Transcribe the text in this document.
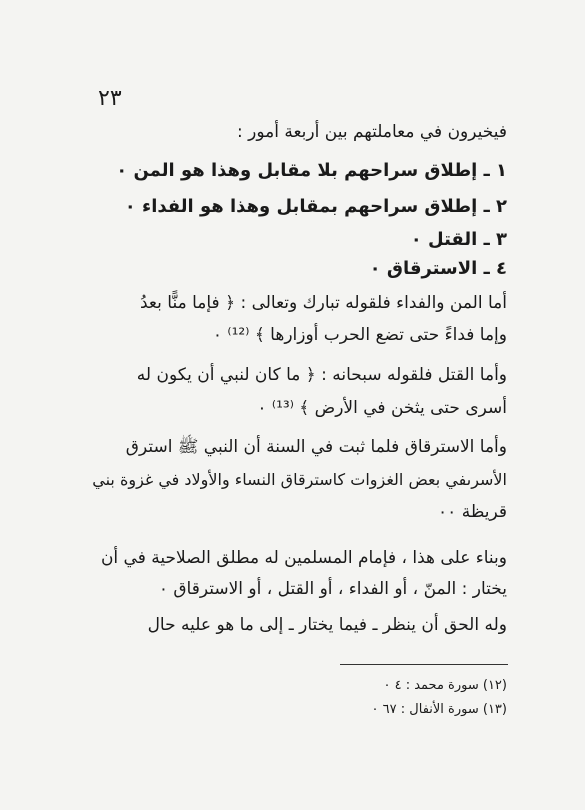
٢٣
فيخيرون في معاملتهم بين أربعة أمور :
١ ـ إطلاق سراحهم بلا مقابل وهذا هو المن ٠
٢ ـ إطلاق سراحهم بمقابل وهذا هو الفداء ٠
٣ ـ القتل ٠
٤ ـ الاسترقاق ٠
أما المن والفداء فلقوله تبارك وتعالى : ﴿ فإما منًّا بعدُ
وإما فداءً حتى تضع الحرب أوزارها ﴾ ⁽¹²⁾ ٠
وأما القتل فلقوله سبحانه : ﴿ ما كان لنبي أن يكون له
أسرى حتى يثخن في الأرض ﴾ ⁽¹³⁾ ٠
وأما الاسترقاق فلما ثبت في السنة أن النبي ﷺ استرق
الأسرىفي بعض الغزوات كاسترقاق النساء والأولاد في غزوة بني
قريظة ٠٠
وبناء على هذا ، فإمام المسلمين له مطلق الصلاحية في أن
يختار : المنّ ، أو الفداء ، أو القتل ، أو الاسترقاق ٠
وله الحق أن ينظر ـ فيما يختار ـ إلى ما هو عليه حال
(١٢) سورة محمد : ٤ ٠
(١٣) سورة الأنفال : ٦٧ ٠
